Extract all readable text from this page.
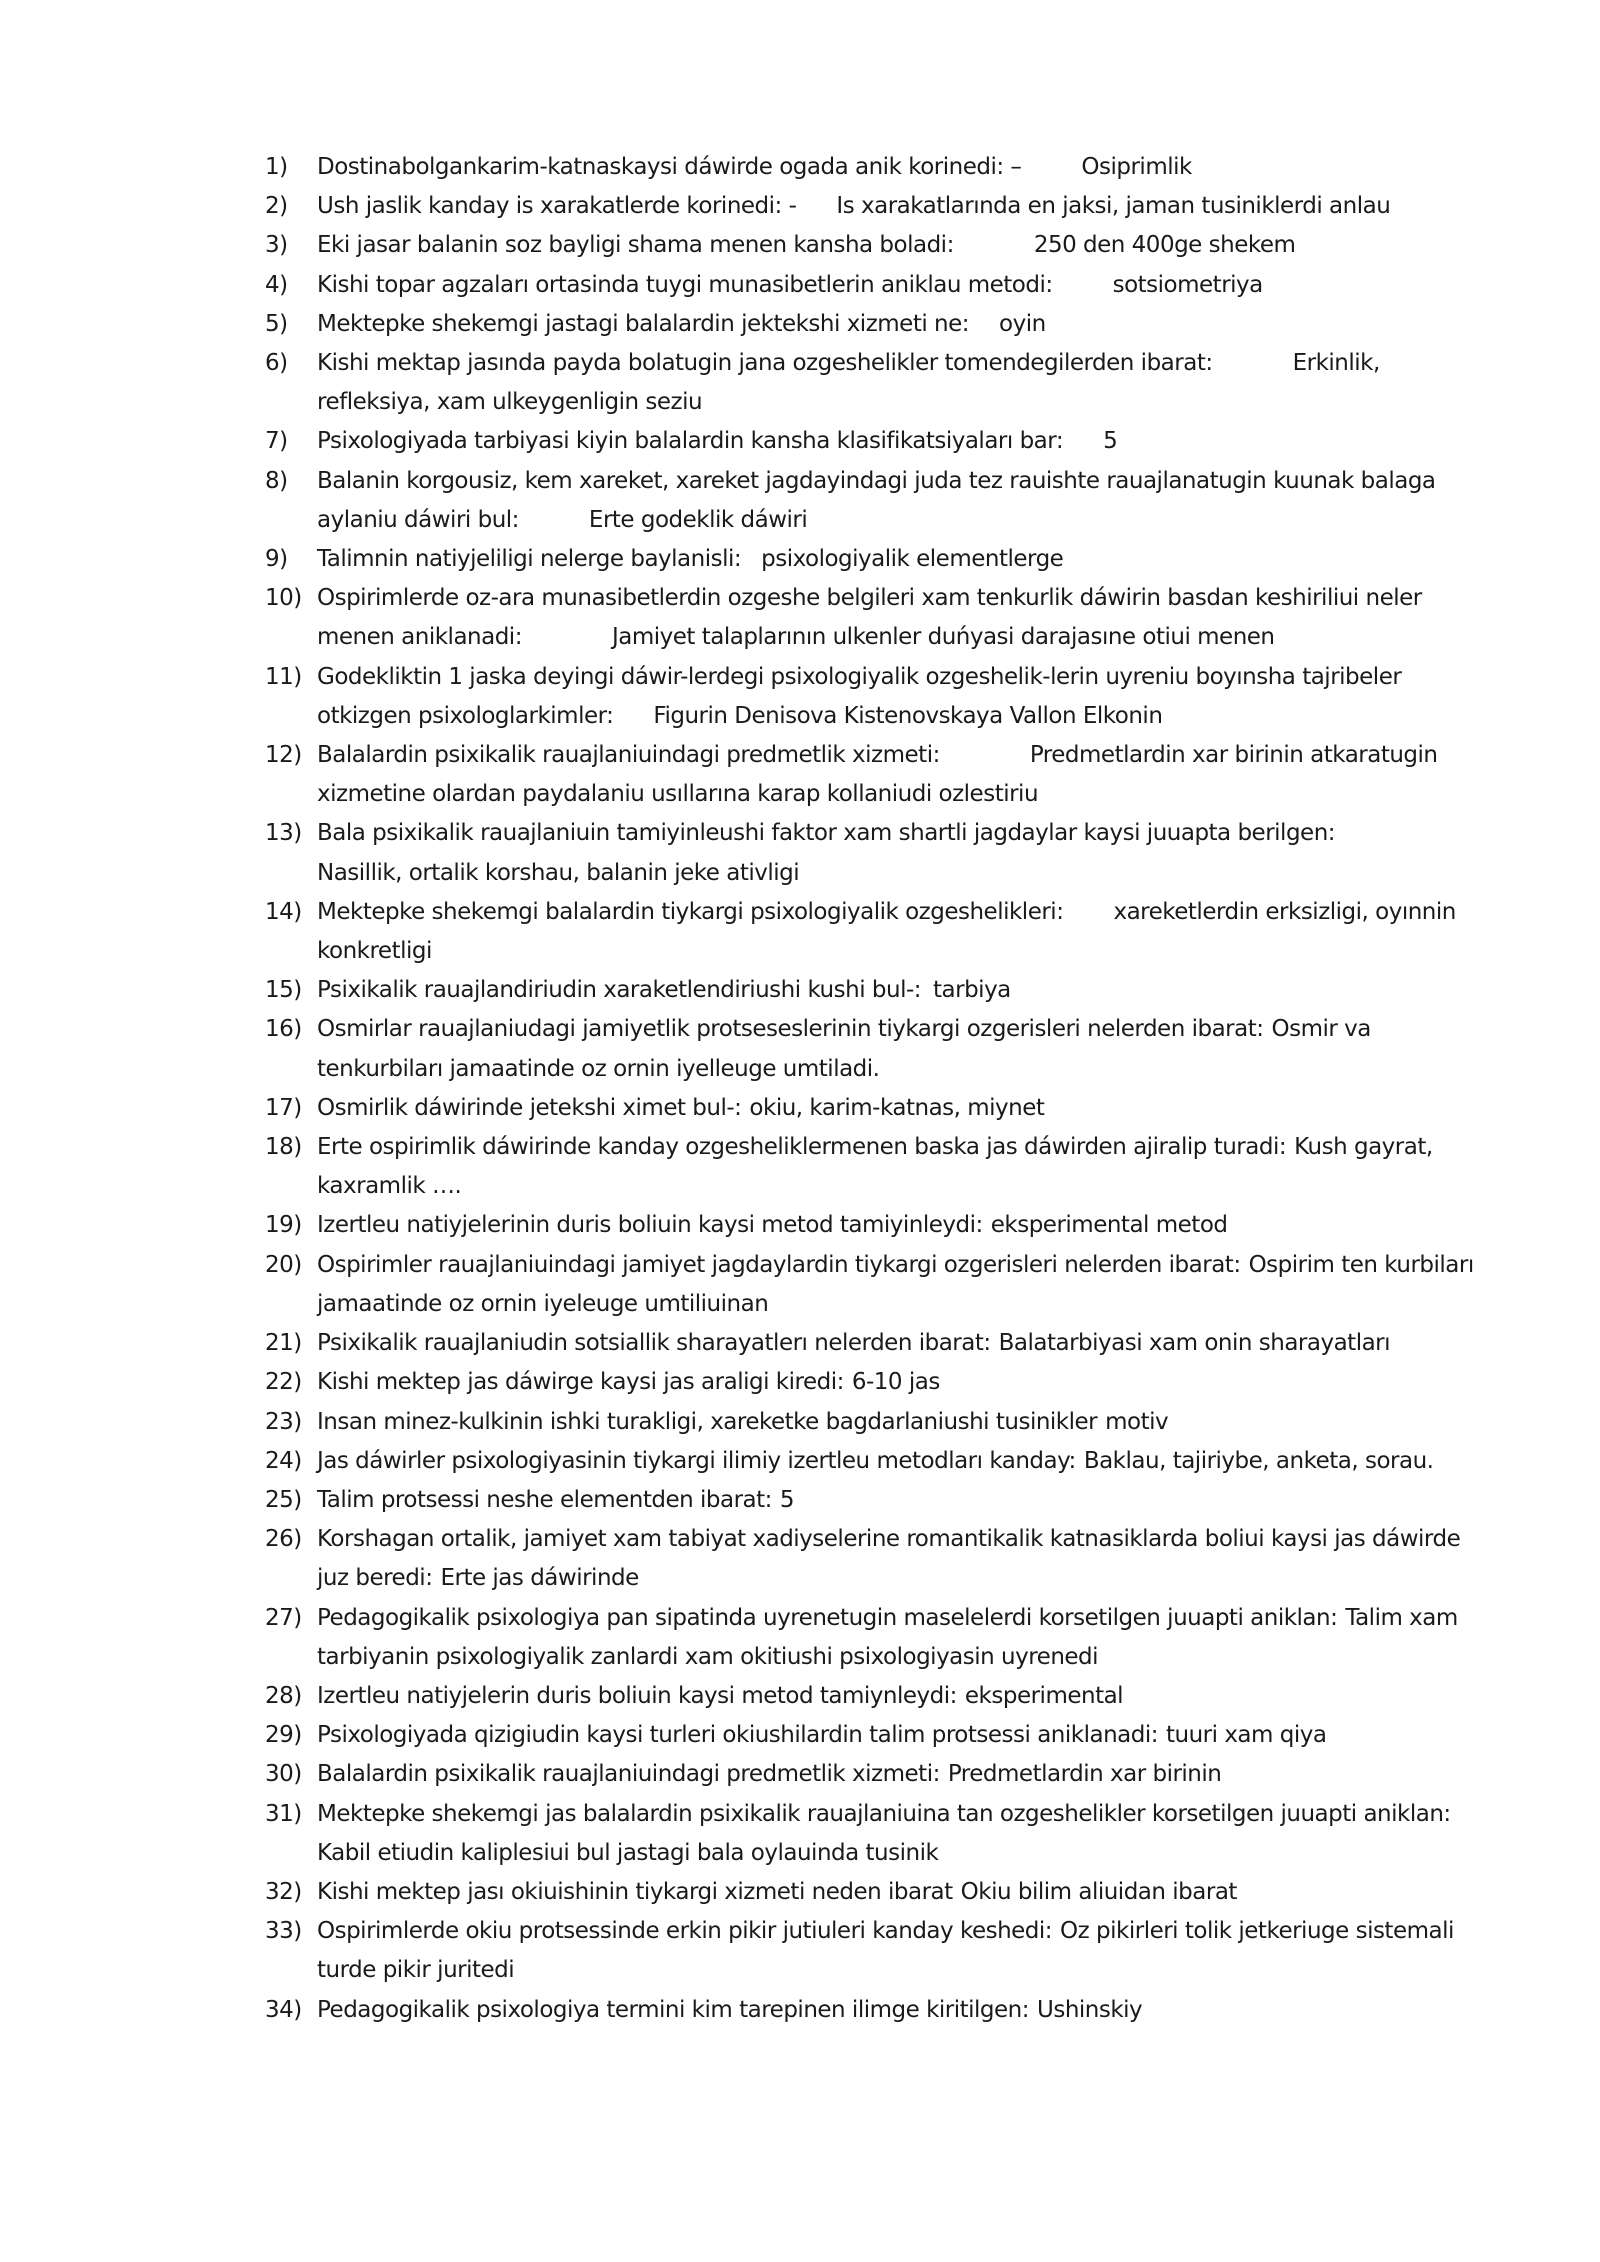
1) Dostinabolgankarim-katnaskaysi dáwirde ogada anik korinedi: –	Osiprimlik
2) Ush jaslik kanday is xarakatlerde korinedi: - Is xarakatlarında en jaksi, jaman tusiniklerdi anlau
3) Eki jasar balanin soz bayligi shama menen kansha boladi:	250 den 400ge shekem
4) Kishi topar agzaları ortasinda tuygi munasibetlerin aniklau metodi:	sotsiometriya
5) Mektepke shekemgi jastagi balalardin jektekshi xizmeti ne: oyin
6) Kishi mektap jasında payda bolatugin jana ozgeshelikler tomendegilerden ibarat:	Erkinlik, refleksiya, xam ulkeygenligin seziu
7) Psixologiyada tarbiyasi kiyin balalardin kansha klasifikatsiyaları bar: 5
8) Balanin korgousiz, kem xareket, xareket jagdayindagi juda tez rauishte rauajlanatugin kuunak balaga aylaniu dáwiri bul:	Erte godeklik dáwiri
9) Talimnin natiyjeliligi nelerge baylanisli: psixologiyalik elementlerge
10) Ospirimlerde oz-ara munasibetlerdin ozgeshe belgileri xam tenkurlik dáwirin basdan keshiriliui neler menen aniklanadi:	Jamiyet talaplarının ulkenler duńyasi darajasıne otiui menen
11) Godekliktin 1 jaska deyingi dáwir-lerdegi psixologiyalik ozgeshelik-lerin uyreniu boyınsha tajribeler otkizgen psixologlarkimler: Figurin Denisova Kistenovskaya Vallon Elkonin
12) Balalardin psixikalik rauajlaniuindagi predmetlik xizmeti:	Predmetlardin xar birinin atkaratugin xizmetine olardan paydalaniu usıllarına karap kollaniudi ozlestiriu
13) Bala psixikalik rauajlaniuin tamiyinleushi faktor xam shartli jagdaylar kaysi juuapta berilgen:
Nasillik, ortalik korshau, balanin jeke ativligi
14) Mektepke shekemgi balalardin tiykargi psixologiyalik ozgeshelikleri: xareketlerdin erksizligi, oyınnin konkretligi
15) Psixikalik rauajlandiriudin xaraketlendiriushi kushi bul-: tarbiya
16) Osmirlar rauajlaniudagi jamiyetlik protseseslerinin tiykargi ozgerisleri nelerden ibarat: Osmir va tenkurbiları jamaatinde oz ornin iyelleuge umtiladi.
17) Osmirlik dáwirinde jetekshi ximet bul-: okiu, karim-katnas, miynet
18) Erte ospirimlik dáwirinde kanday ozgesheliklermenen baska jas dáwirden ajiralip turadi: Kush gayrat, kaxramlik ….
19) Izertleu natiyjelerinin duris boliuin kaysi metod tamiyinleydi: eksperimental metod
20) Ospirimler rauajlaniuindagi jamiyet jagdaylardin tiykargi ozgerisleri nelerden ibarat: Ospirim ten kurbiları jamaatinde oz ornin iyeleuge umtiliuinan
21) Psixikalik rauajlaniudin sotsiallik sharayatlerı nelerden ibarat: Balatarbiyasi xam onin sharayatları
22) Kishi mektep jas dáwirge kaysi jas araligi kiredi: 6-10 jas
23) Insan minez-kulkinin ishki turakligi, xareketke bagdarlaniushi tusinikler motiv
24) Jas dáwirler psixologiyasinin tiykargi ilimiy izertleu metodları kanday: Baklau, tajiriybe, anketa, sorau.
25) Talim protsessi neshe elementden ibarat: 5
26) Korshagan ortalik, jamiyet xam tabiyat xadiyselerine romantikalik katnasiklarda boliui kaysi jas dáwirde juz beredi: Erte jas dáwirinde
27) Pedagogikalik psixologiya pan sipatinda uyrenetugin maselelerdi korsetilgen juuapti aniklan: Talim xam tarbiyanin psixologiyalik zanlardi xam okitiushi psixologiyasin uyrenedi
28) Izertleu natiyjelerin duris boliuin kaysi metod tamiynleydi: eksperimental
29) Psixologiyada qizigiudin kaysi turleri okiushilardin talim protsessi aniklanadi: tuuri xam qiya
30) Balalardin psixikalik rauajlaniuindagi predmetlik xizmeti: Predmetlardin xar birinin
31) Mektepke shekemgi jas balalardin psixikalik rauajlaniuina tan ozgeshelikler korsetilgen juuapti aniklan:Kabil etiudin kaliplesiui bul jastagi bala oylauinda tusinik
32) Kishi mektep jası okiuishinin tiykargi xizmeti neden ibarat Okiu bilim aliuidan ibarat
33) Ospirimlerde okiu protsessinde erkin pikir jutiuleri kanday keshedi: Oz pikirleri tolik jetkeriuge sistemali turde pikir juritedi
34) Pedagogikalik psixologiya termini kim tarepinen ilimge kiritilgen: Ushinskiy
